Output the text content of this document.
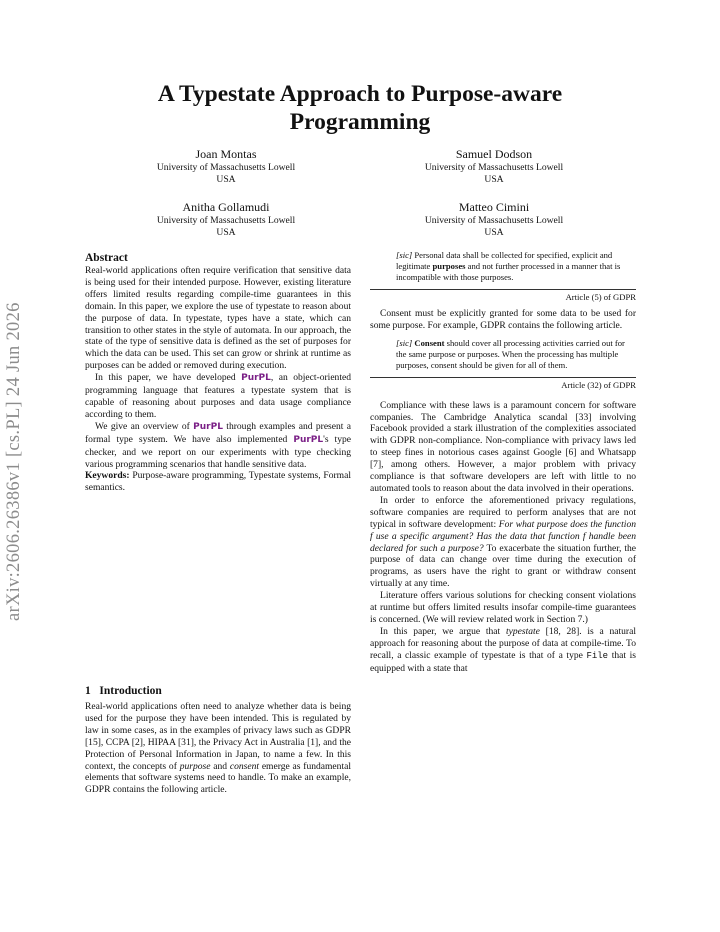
arXiv:2606.26386v1 [cs.PL] 24 Jun 2026
A Typestate Approach to Purpose-aware
Programming
Joan Montas
University of Massachusetts Lowell
USA
Samuel Dodson
University of Massachusetts Lowell
USA
Anitha Gollamudi
University of Massachusetts Lowell
USA
Matteo Cimini
University of Massachusetts Lowell
USA
Abstract

Real-world applications often require verification that sensitive data is being used for their intended purpose. However, existing literature offers limited results regarding compile-time guarantees in this domain. In this paper, we explore the use of typestate to reason about the purpose of data. In typestate, types have a state, which can transition to other states in the style of automata. In our approach, the state of the type of sensitive data is defined as the set of purposes for which the data can be used. This set can grow or shrink at runtime as purposes can be added or removed during execution.

In this paper, we have developed PurPL, an object-oriented programming language that features a typestate system that is capable of reasoning about purposes and data usage compliance according to them.

We give an overview of PurPL through examples and present a formal type system. We have also implemented PurPL's type checker, and we report on our experiments with type checking various programming scenarios that handle sensitive data.

Keywords: Purpose-aware programming, Typestate systems, Formal semantics.

1 Introduction

Real-world applications often need to analyze whether data is being used for the purpose they have been intended. This is regulated by law in some cases, as in the examples of privacy laws such as GDPR [15], CCPA [2], HIPAA [31], the Privacy Act in Australia [1], and the Protection of Personal Information in Japan, to name a few. In this context, the concepts of purpose and consent emerge as fundamental elements that software systems need to handle. To make an example, GDPR contains the following article.

[sic] Personal data shall be collected for specified, explicit and legitimate purposes and not further processed in a manner that is incompatible with those purposes.

Article (5) of GDPR

Consent must be explicitly granted for some data to be used for some purpose. For example, GDPR contains the following article.

[sic] Consent should cover all processing activities carried out for the same purpose or purposes. When the processing has multiple purposes, consent should be given for all of them.

Article (32) of GDPR

Compliance with these laws is a paramount concern for software companies. The Cambridge Analytica scandal [33] involving Facebook provided a stark illustration of the complexities associated with GDPR non-compliance. Non-compliance with privacy laws led to steep fines in notorious cases against Google [6] and Whatsapp [7], among others. However, a major problem with privacy compliance is that software developers are left with little to no automated tools to reason about the data involved in their operations.

In order to enforce the aforementioned privacy regulations, software companies are required to perform analyses that are not typical in software development: For what purpose does the function f use a specific argument? Has the data that function f handle been declared for such a purpose? To exacerbate the situation further, the purpose of data can change over time during the execution of programs, as users have the right to grant or withdraw consent virtually at any time.

Literature offers various solutions for checking consent violations at runtime but offers limited results insofar compile-time guarantees is concerned. (We will review related work in Section 7.)

In this paper, we argue that typestate [18, 28]. is a natural approach for reasoning about the purpose of data at compile-time. To recall, a classic example of typestate is that of a type File that is equipped with a state that
